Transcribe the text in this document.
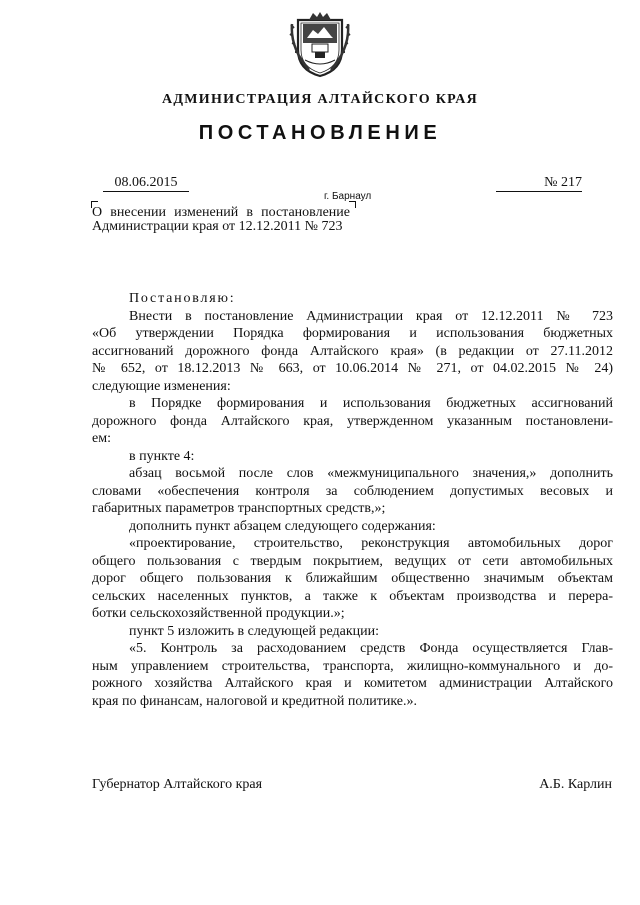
АДМИНИСТРАЦИЯ АЛТАЙСКОГО КРАЯ
ПОСТАНОВЛЕНИЕ
08.06.2015	№ 217
г. Барнаул
О внесении изменений в постановление Администрации края от 12.12.2011 № 723
Постановляю:
Внести в постановление Администрации края от 12.12.2011 № 723
«Об утверждении Порядка формирования и использования бюджетных
ассигнований дорожного фонда Алтайского края» (в редакции от 27.11.2012
№ 652, от 18.12.2013 № 663, от 10.06.2014 № 271, от 04.02.2015 № 24)
следующие изменения:
в Порядке формирования и использования бюджетных ассигнований
дорожного фонда Алтайского края, утвержденном указанным постановлени-
ем:
в пункте 4:
абзац восьмой после слов «межмуниципального значения,» дополнить
словами «обеспечения контроля за соблюдением допустимых весовых и
габаритных параметров транспортных средств,»;
дополнить пункт абзацем следующего содержания:
«проектирование, строительство, реконструкция автомобильных дорог
общего пользования с твердым покрытием, ведущих от сети автомобильных
дорог общего пользования к ближайшим общественно значимым объектам
сельских населенных пунктов, а также к объектам производства и перера-
ботки сельскохозяйственной продукции.»;
пункт 5 изложить в следующей редакции:
«5. Контроль за расходованием средств Фонда осуществляется Глав-
ным управлением строительства, транспорта, жилищно-коммунального и до-
рожного хозяйства Алтайского края и комитетом администрации Алтайского
края по финансам, налоговой и кредитной политике.».
Губернатор Алтайского края	А.Б. Карлин
